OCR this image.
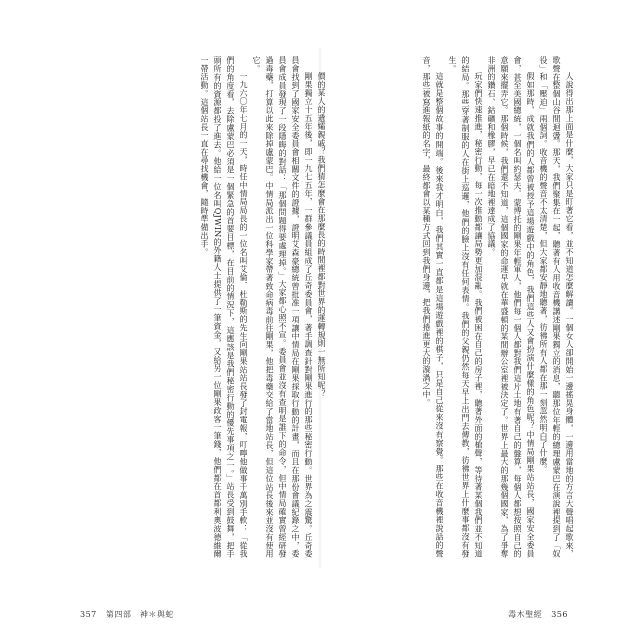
價的某人的遺孀親戚？我們猜怎麼會在那麼長的時間裡都對世界的運轉規則一無所知呢？

剛果獨立十五年後，即一九七五年，一群參議員組成了丘奇委員會，著手調查針對剛果進行的那些秘密行動。世界為之震驚。丘奇委員會找到了國家安全委員會相關文件的證據，證明艾森豪總統曾批准一項讓中情局在剛果採取行動的計畫，而且在那份會議紀錄之中，委員會成員發現了一段隱晦的對話：「那個問題得要處理掉。」大家都心照不宣。委員會並沒有查明是誰下的命令，但中情局確實曾經研發過毒藥，打算以此來除掉盧蒙巴。中情局派出一位科學家帶著致命病毒前往剛果，他把毒藥交給了當地站長，但這位站長後來並沒有使用它。

一九六〇年七月的一天，時任中情局局長的一位名叫艾倫．杜勒斯的先生向剛果站站長發了封電報，叮嚀他做事千萬別手軟：「從我們的角度看，去除盧蒙巴必須是一個緊急的首要目標，在目前的情況下，這應該是我們秘密行動的優先事項之一。」站長受到鼓舞，把手頭所有的資源都投了進去。他給一位名叫QJWIN的外籍人士提供了一筆資金，又給另一位剛果政客一筆錢，他們都在首都利奧波德維爾一帶活動。這個站長一直在尋找機會，隨時準備出手。	人說得出那上面是什麼，大家只是盯著它看，並不知道怎麼解讀。一個女人卻開始一邊搖晃身體，一邊用當地的方言大聲唱起歌來，歌聲在整個山谷間迴盪。那天，我們聚集在一起，聽著有人用收音機講述剛果獨立的消息，聽那位年輕的總理盧蒙巴在演說裡提到了「奴役」和「壓迫」兩個詞。收音機的聲音不太清楚，但大家都安靜地聽著，彷彿所有人都在那一刻忽然明白了什麼。

假如那時，成就我們的人都曾被授予這場遊戲中的角色，我們這些人又會扮演什麼樣的角色呢？中情局剛果站站長，國家安全委員會，甚至美國總統，一個名叫約瑟夫．蒙博托的剛果年輕軍人，他們每一個人都對我們這片土地有著自己的盤算，每個人都想按照自己的意願來擺弄它。那個時候，我們還不知道，這個國家的命運早就在華盛頓的某間辦公室裡被決定了。世界上最大的那幾個國家，為了爭奪非洲的鑽石、鈷礦和橡膠，早已在暗地裡達成了協議。

玩家們快速推進，秘密行動，每一次推動都讓局勢更加混亂。我們被困在自己的房子裡，聽著外面的槍聲，等待著某個我們並不知道的結局。那些穿著制服的人在街上巡邏，他們的臉上沒有任何表情。我們的父親仍然每天早上出門去傳教，彷彿世界上什麼事都沒有發生。

這就是整個故事的開端。後來我才明白，我們其實一直都是這場遊戲裡的棋子，只是自己從來沒有察覺。那些在收音機裡說話的聲音，那些被寫進報紙的名字，最終都會以某種方式回到我們身邊，把我們捲進更大的漩渦之中。

357 第四部　神＊與蛇	毒木聖經 356
